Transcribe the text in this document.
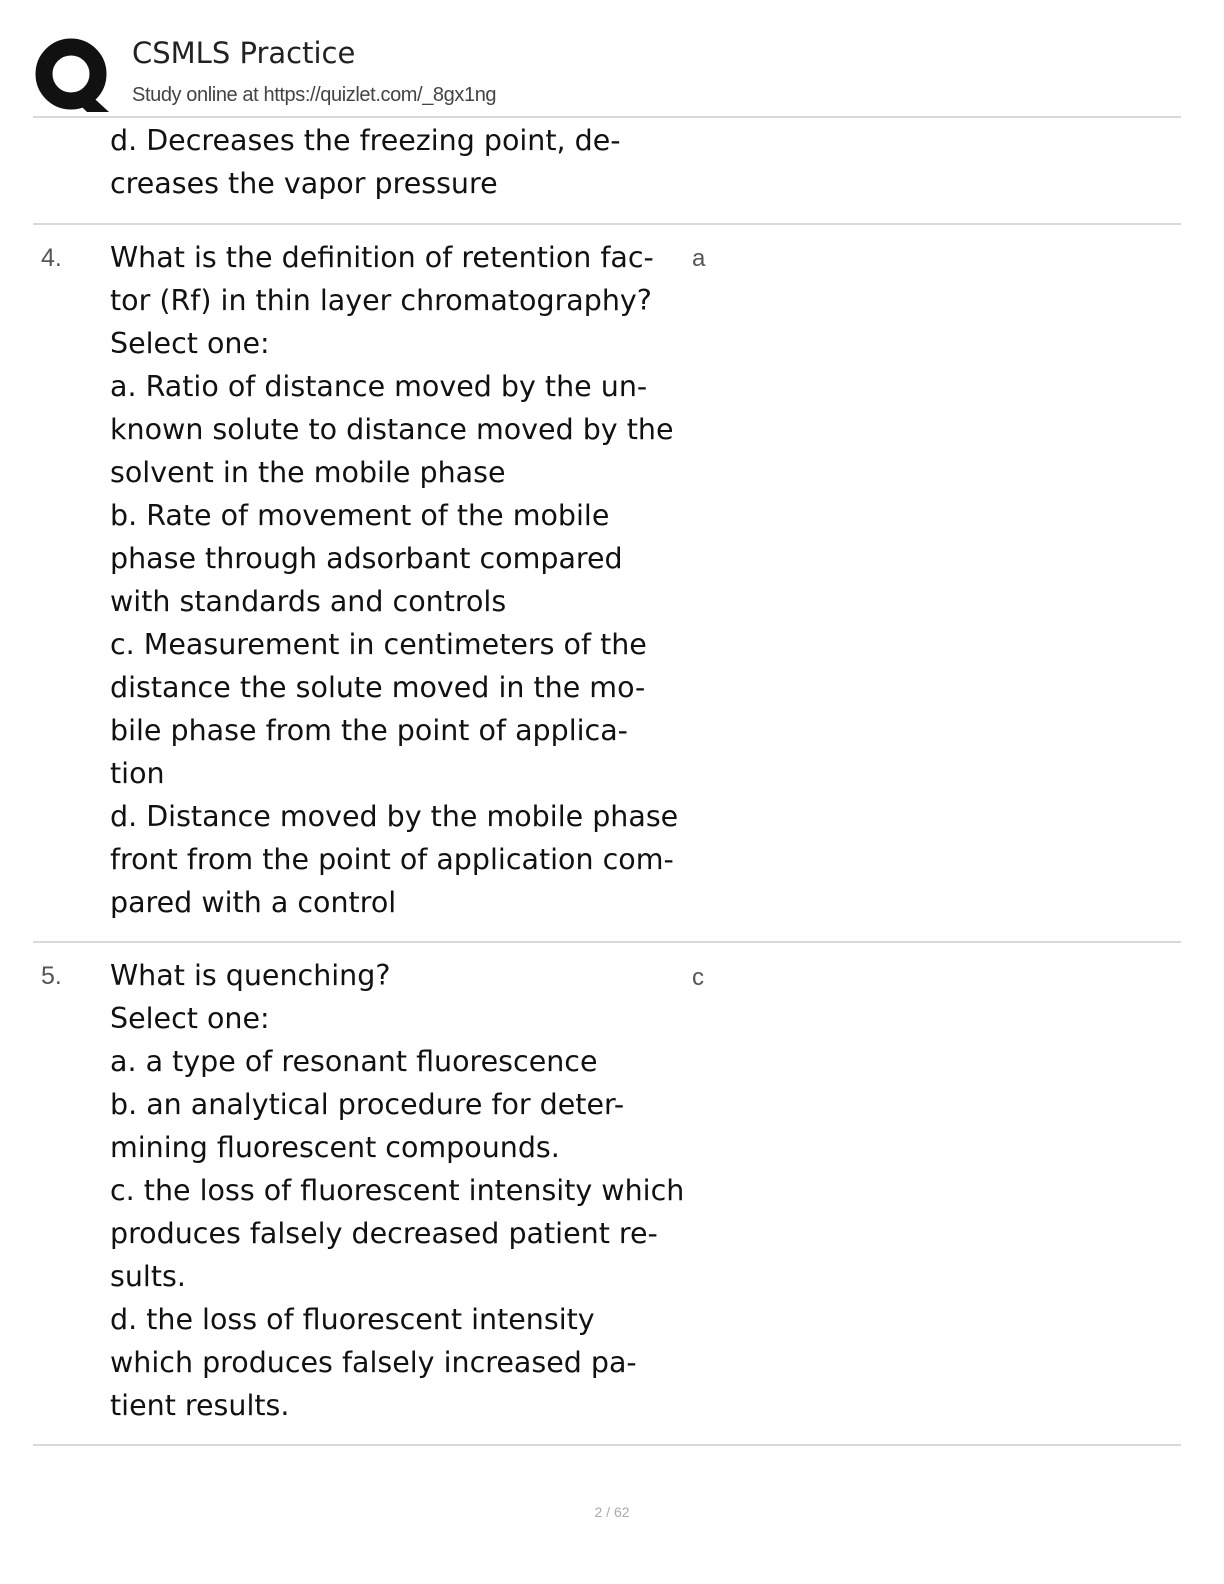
CSMLS Practice
Study online at https://quizlet.com/_8gx1ng
d. Decreases the freezing point, de-
creases the vapor pressure
4. What is the definition of retention fac-
tor (Rf) in thin layer chromatography?
Select one:
a. Ratio of distance moved by the un-
known solute to distance moved by the
solvent in the mobile phase
b. Rate of movement of the mobile
phase through adsorbant compared
with standards and controls
c. Measurement in centimeters of the
distance the solute moved in the mo-
bile phase from the point of applica-
tion
d. Distance moved by the mobile phase
front from the point of application com-
pared with a control
a
5. What is quenching?
Select one:
a. a type of resonant fluorescence
b. an analytical procedure for deter-
mining fluorescent compounds.
c. the loss of fluorescent intensity which
produces falsely decreased patient re-
sults.
d. the loss of fluorescent intensity
which produces falsely increased pa-
tient results.
c
2 / 62
